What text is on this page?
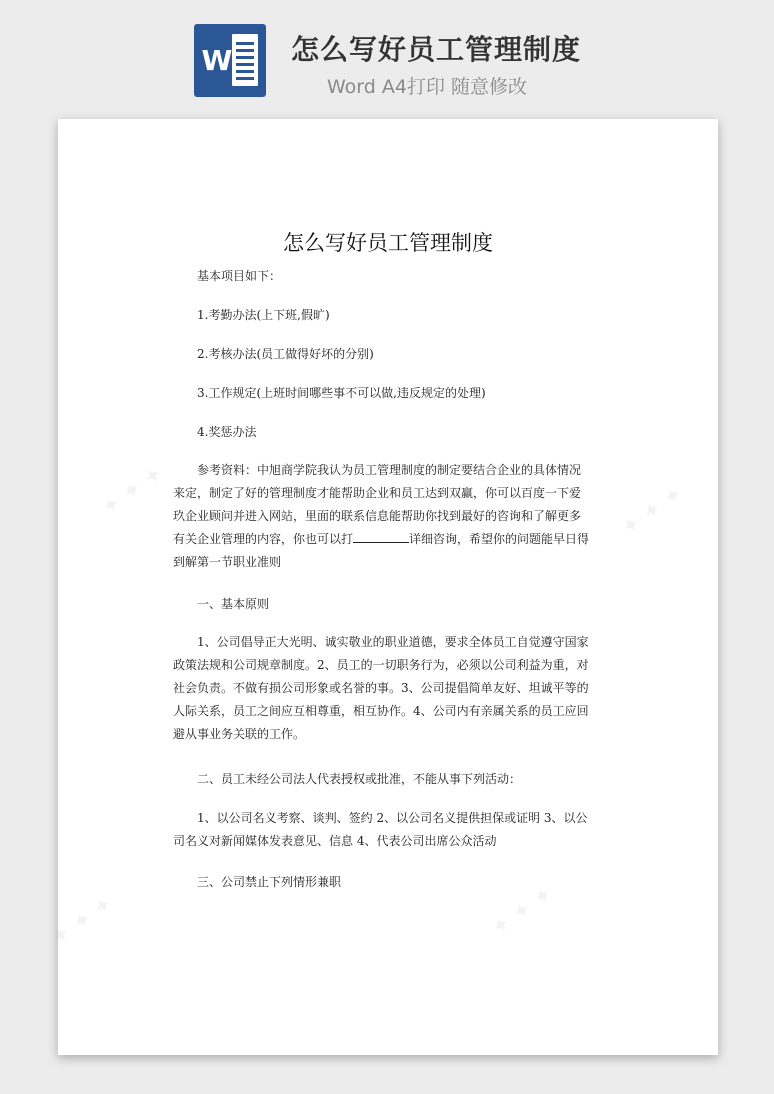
W 怎么写好员工管理制度
Word A4打印 随意修改
怎么写好员工管理制度

基本项目如下：

1.考勤办法(上下班,假旷)

2.考核办法(员工做得好坏的分别)

3.工作规定(上班时间哪些事不可以做,违反规定的处理)

4.奖惩办法

参考资料：中旭商学院我认为员工管理制度的制定要结合企业的具体情况

来定，制定了好的管理制度才能帮助企业和员工达到双赢，你可以百度一下爱

玖企业顾问并进入网站，里面的联系信息能帮助你找到最好的咨询和了解更多

有关企业管理的内容，你也可以打	详细咨询，希望你的问题能早日得

到解第一节职业准则

一、基本原则

1、公司倡导正大光明、诚实敬业的职业道德，要求全体员工自觉遵守国家

政策法规和公司规章制度。2、员工的一切职务行为，必须以公司利益为重，对

社会负责。不做有损公司形象或名誉的事。3、公司提倡简单友好、坦诚平等的

人际关系，员工之间应互相尊重，相互协作。4、公司内有亲属关系的员工应回

避从事业务关联的工作。

二、员工未经公司法人代表授权或批准，不能从事下列活动：

1、以公司名义考察、谈判、签约 2、以公司名义提供担保或证明 3、以公

司名义对新闻媒体发表意见、信息 4、代表公司出席公众活动

三、公司禁止下列情形兼职
